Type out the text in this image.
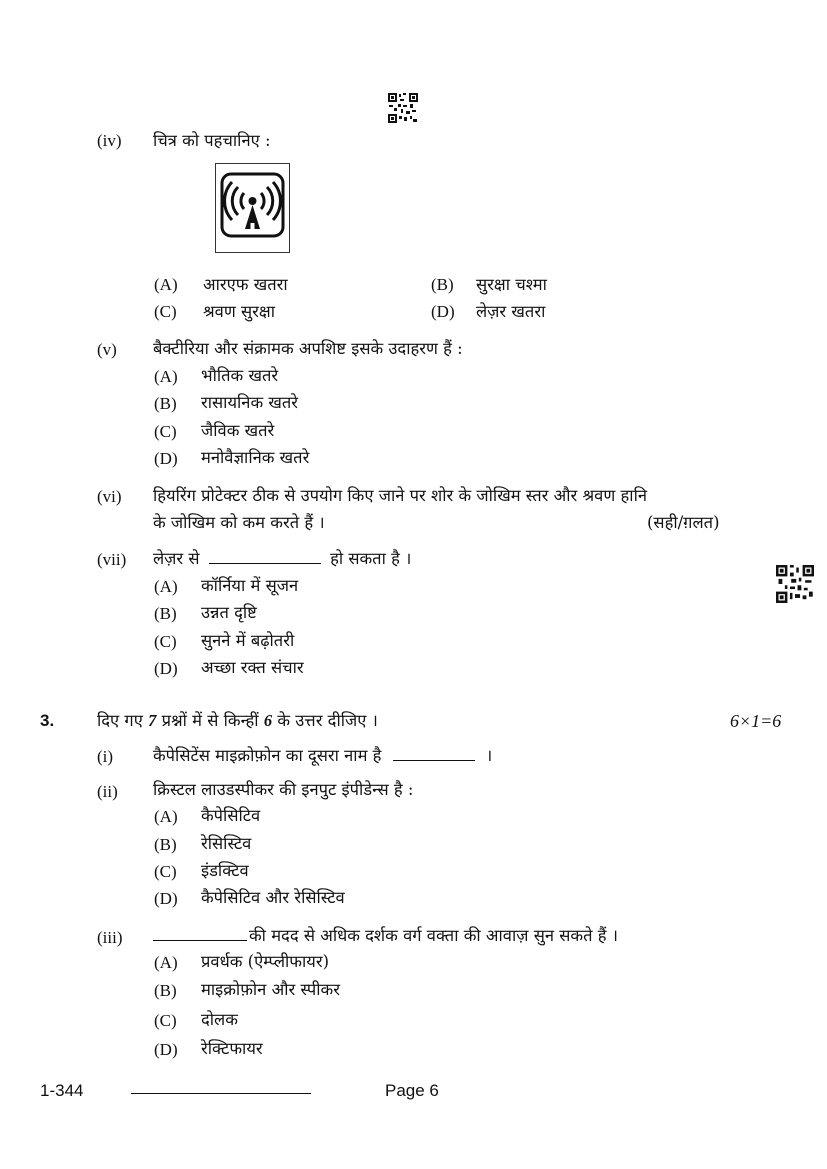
(iv) चित्र को पहचानिए :
(A) आरएफ खतरा	(B) सुरक्षा चश्मा
(C) श्रवण सुरक्षा	(D) लेज़र खतरा
(v) बैक्टीरिया और संक्रामक अपशिष्ट इसके उदाहरण हैं :
(A) भौतिक खतरे
(B) रासायनिक खतरे
(C) जैविक खतरे
(D) मनोवैज्ञानिक खतरे
(vi) हियरिंग प्रोटेक्टर ठीक से उपयोग किए जाने पर शोर के जोखिम स्तर और श्रवण हानि
के जोखिम को कम करते हैं ।	(सही/ग़लत)
(vii) लेज़र से	हो सकता है ।
(A) कॉर्निया में सूजन
(B) उन्नत दृष्टि
(C) सुनने में बढ़ोतरी
(D) अच्छा रक्त संचार
3.	दिए गए 7 प्रश्नों में से किन्हीं 6 के उत्तर दीजिए ।	6×1=6
(i) कैपेसिटेंस माइक्रोफ़ोन का दूसरा नाम है	।
(ii) क्रिस्टल लाउडस्पीकर की इनपुट इंपीडेन्स है :
(A) कैपेसिटिव
(B) रेसिस्टिव
(C) इंडक्टिव
(D) कैपेसिटिव और रेसिस्टिव
(iii)	की मदद से अधिक दर्शक वर्ग वक्ता की आवाज़ सुन सकते हैं ।
(A) प्रवर्धक (ऐम्प्लीफायर)
(B) माइक्रोफ़ोन और स्पीकर
(C) दोलक
(D) रेक्टिफायर
1-344	Page 6
